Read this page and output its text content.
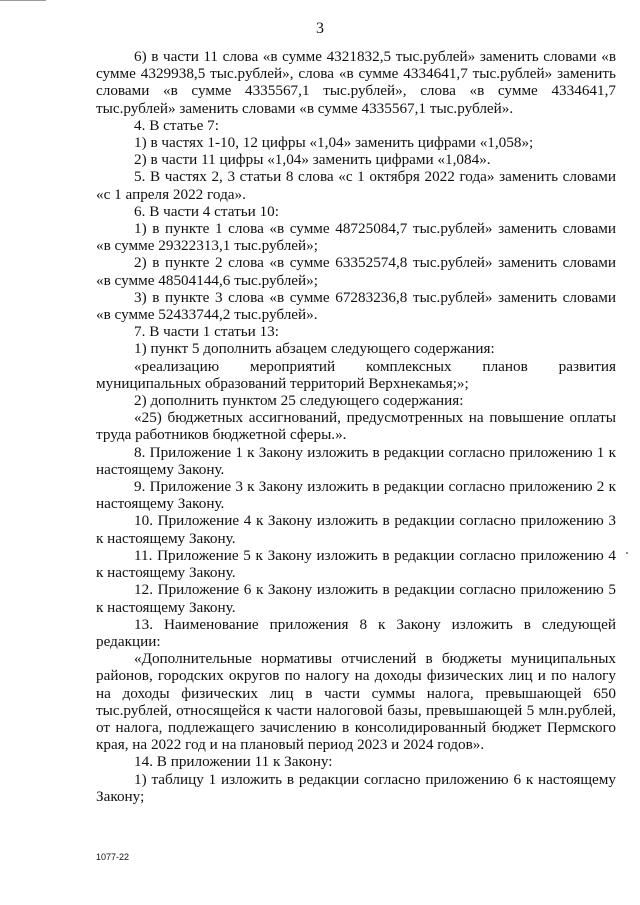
3

6) в части 11 слова «в сумме 4321832,5 тыс.рублей» заменить словами «в сумме 4329938,5 тыс.рублей», слова «в сумме 4334641,7 тыс.рублей» заменить словами «в сумме 4335567,1 тыс.рублей», слова «в сумме 4334641,7 тыс.рублей» заменить словами «в сумме 4335567,1 тыс.рублей».

4. В статье 7:

1) в частях 1-10, 12 цифры «1,04» заменить цифрами «1,058»;

2) в части 11 цифры «1,04» заменить цифрами «1,084».

5. В частях 2, 3 статьи 8 слова «с 1 октября 2022 года» заменить словами «с 1 апреля 2022 года».

6. В части 4 статьи 10:

1) в пункте 1 слова «в сумме 48725084,7 тыс.рублей» заменить словами «в сумме 29322313,1 тыс.рублей»;

2) в пункте 2 слова «в сумме 63352574,8 тыс.рублей» заменить словами «в сумме 48504144,6 тыс.рублей»;

3) в пункте 3 слова «в сумме 67283236,8 тыс.рублей» заменить словами «в сумме 52433744,2 тыс.рублей».

7. В части 1 статьи 13:

1) пункт 5 дополнить абзацем следующего содержания:

«реализацию мероприятий комплексных планов развития муниципальных образований территорий Верхнекамья;»;

2) дополнить пунктом 25 следующего содержания:

«25) бюджетных ассигнований, предусмотренных на повышение оплаты труда работников бюджетной сферы.».

8. Приложение 1 к Закону изложить в редакции согласно приложению 1 к настоящему Закону.

9. Приложение 3 к Закону изложить в редакции согласно приложению 2 к настоящему Закону.

10. Приложение 4 к Закону изложить в редакции согласно приложению 3 к настоящему Закону.

11. Приложение 5 к Закону изложить в редакции согласно приложению 4 к настоящему Закону.

12. Приложение 6 к Закону изложить в редакции согласно приложению 5 к настоящему Закону.

13. Наименование приложения 8 к Закону изложить в следующей редакции:

«Дополнительные нормативы отчислений в бюджеты муниципальных районов, городских округов по налогу на доходы физических лиц и по налогу на доходы физических лиц в части суммы налога, превышающей 650 тыс.рублей, относящейся к части налоговой базы, превышающей 5 млн.рублей, от налога, подлежащего зачислению в консолидированный бюджет Пермского края, на 2022 год и на плановый период 2023 и 2024 годов».

14. В приложении 11 к Закону:

1) таблицу 1 изложить в редакции согласно приложению 6 к настоящему Закону;

1077-22
